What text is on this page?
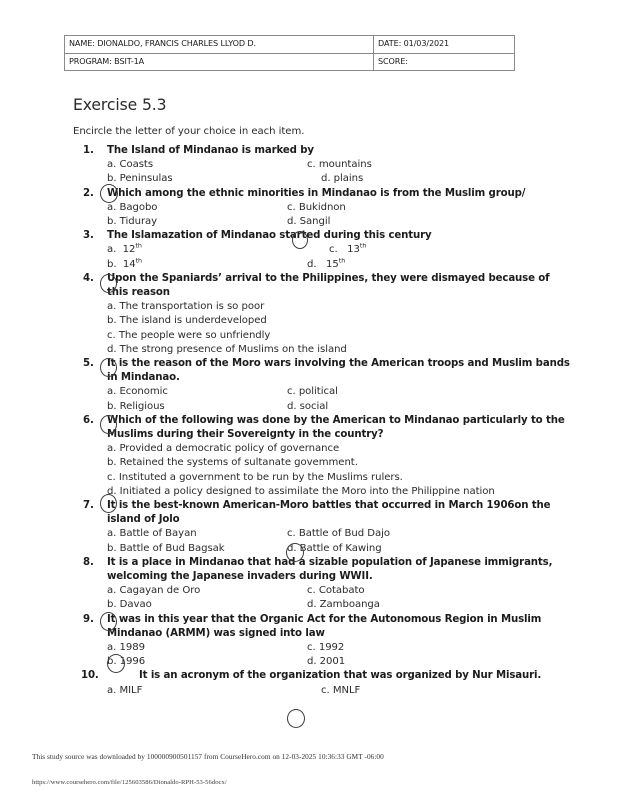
NAME: DIONALDO, FRANCIS CHARLES LLYOD D.	DATE: 01/03/2021
PROGRAM: BSIT-1A	SCORE:
Exercise 5.3
Encircle the letter of your choice in each item.
1.	The Island of Mindanao is marked by
a. Coasts	c. mountains
b. Peninsulas	d. plains
2.	Which among the ethnic minorities in Mindanao is from the Muslim group/
a. Bagobo	c. Bukidnon
b. Tiduray	d. Sangil
3.	The Islamazation of Mindanao started during this century
a.  12th	c.   13th
b.  14th	d.   15th
4.	Upon the Spaniards’ arrival to the Philippines, they were dismayed because of this reason
a. The transportation is so poor
b. The island is underdeveloped
c. The people were so unfriendly
d. The strong presence of Muslims on the island
5.	It is the reason of the Moro wars involving the American troops and Muslim bands in Mindanao.
a. Economic	c. political
b. Religious	d. social
6.	Which of the following was done by the American to Mindanao particularly to the Muslims during their Sovereignty in the country?
a. Provided a democratic policy of governance
b. Retained the systems of sultanate govemment.
c. Instituted a government to be run by the Muslims rulers.
d. Initiated a policy designed to assimilate the Moro into the Philippine nation
7.	It is the best-known American-Moro battles that occurred in March 1906on the island of Jolo
a. Battle of Bayan	c. Battle of Bud Dajo
b. Battle of Bud Bagsak	d. Battle of Kawing
8.	It is a place in Mindanao that had a sizable population of Japanese immigrants, welcoming the Japanese invaders during WWII.
a. Cagayan de Oro	c. Cotabato
b. Davao	d. Zamboanga
9.	It was in this year that the Organic Act for the Autonomous Region in Muslim Mindanao (ARMM) was signed into law
a. 1989	c. 1992
b. 1996	d. 2001
10.	It is an acronym of the organization that was organized by Nur Misauri.
a. MILF	c. MNLF
This study source was downloaded by 100000900501157 from CourseHero.com on 12-03-2025 10:36:33 GMT -06:00
https://www.coursehero.com/file/125603586/Dionaldo-RPH-53-56docx/
